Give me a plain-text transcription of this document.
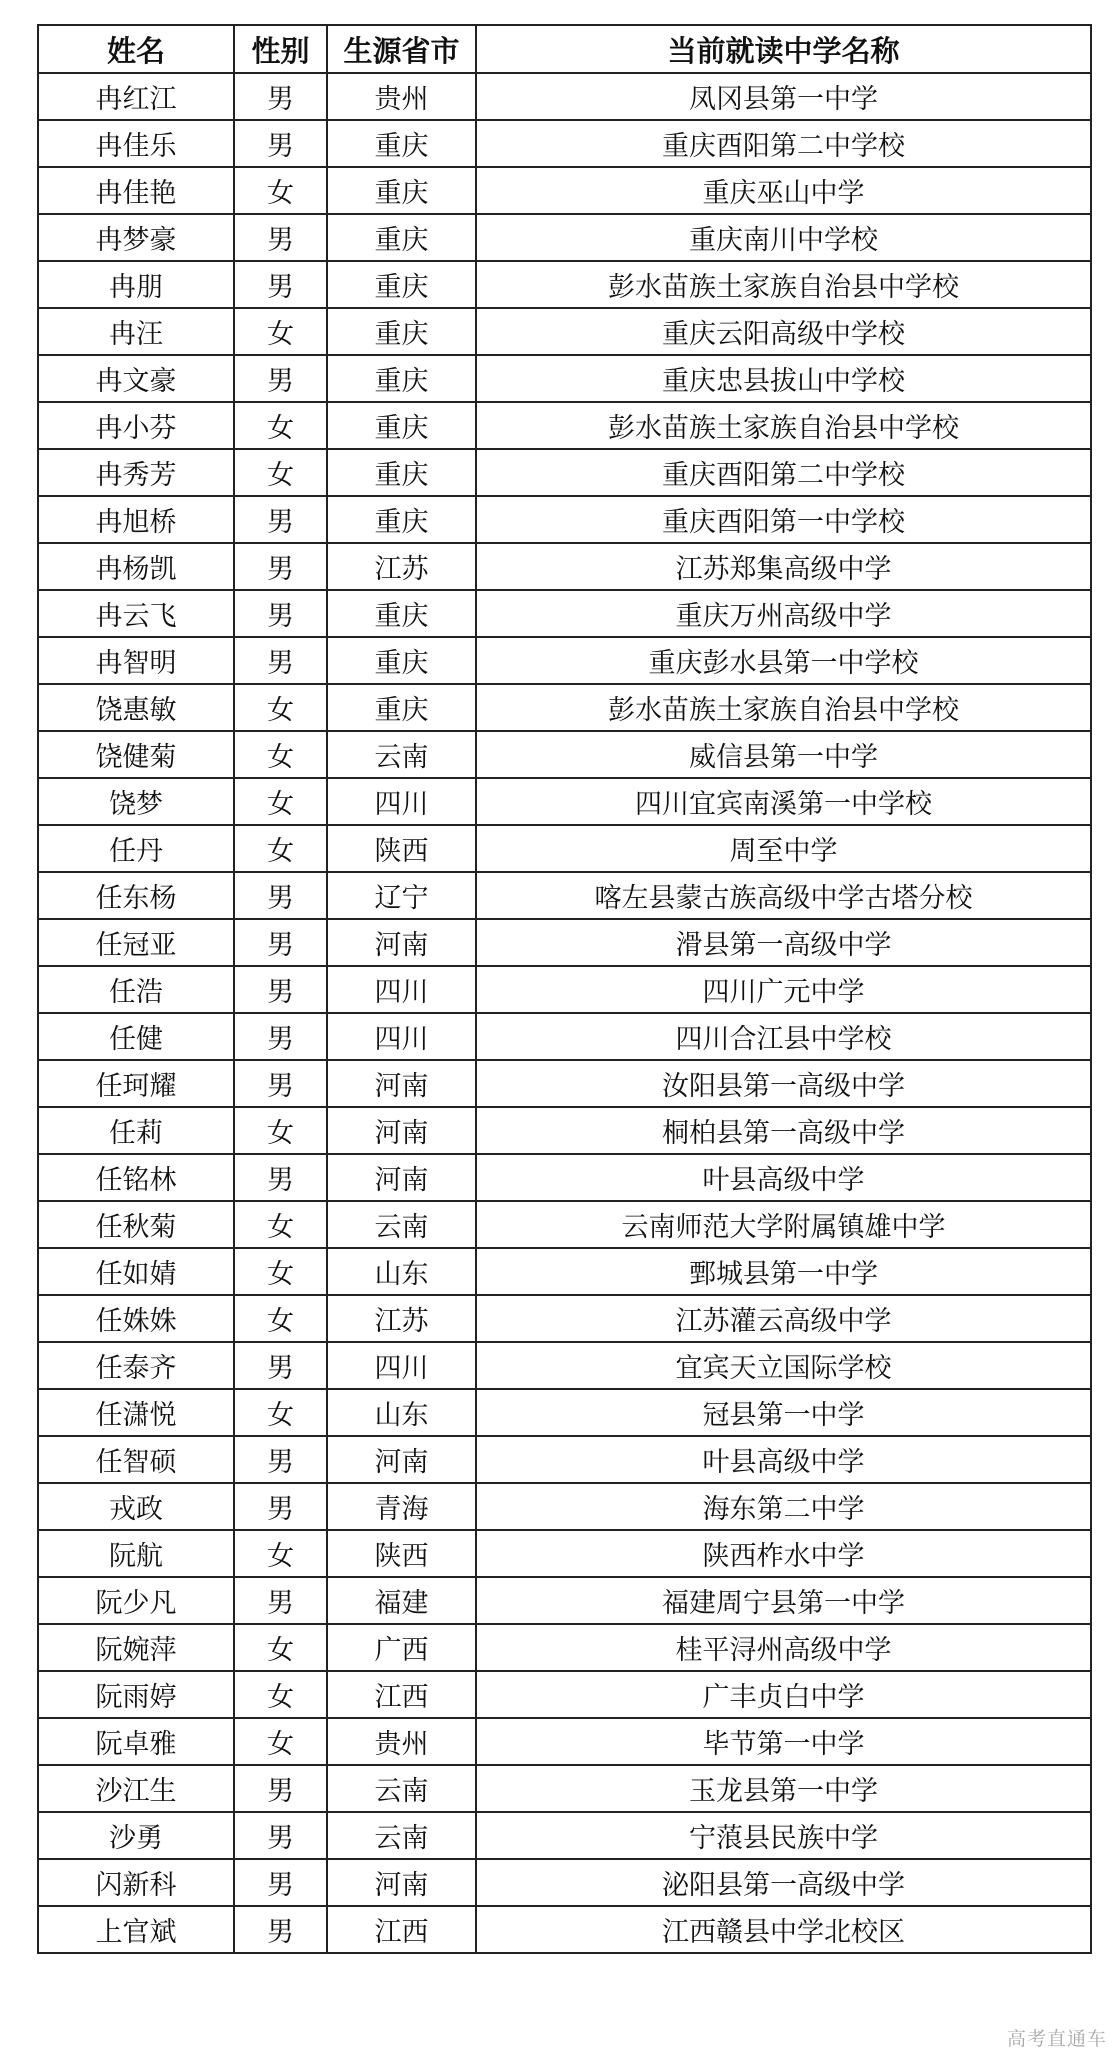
姓名	性别	生源省市	当前就读中学名称
冉红江	男	贵州	凤冈县第一中学
冉佳乐	男	重庆	重庆酉阳第二中学校
冉佳艳	女	重庆	重庆巫山中学
冉梦豪	男	重庆	重庆南川中学校
冉朋	男	重庆	彭水苗族土家族自治县中学校
冉汪	女	重庆	重庆云阳高级中学校
冉文豪	男	重庆	重庆忠县拔山中学校
冉小芬	女	重庆	彭水苗族土家族自治县中学校
冉秀芳	女	重庆	重庆酉阳第二中学校
冉旭桥	男	重庆	重庆酉阳第一中学校
冉杨凯	男	江苏	江苏郑集高级中学
冉云飞	男	重庆	重庆万州高级中学
冉智明	男	重庆	重庆彭水县第一中学校
饶惠敏	女	重庆	彭水苗族土家族自治县中学校
饶健菊	女	云南	威信县第一中学
饶梦	女	四川	四川宜宾南溪第一中学校
任丹	女	陕西	周至中学
任东杨	男	辽宁	喀左县蒙古族高级中学古塔分校
任冠亚	男	河南	滑县第一高级中学
任浩	男	四川	四川广元中学
任健	男	四川	四川合江县中学校
任珂耀	男	河南	汝阳县第一高级中学
任莉	女	河南	桐柏县第一高级中学
任铭林	男	河南	叶县高级中学
任秋菊	女	云南	云南师范大学附属镇雄中学
任如婧	女	山东	鄄城县第一中学
任姝姝	女	江苏	江苏灌云高级中学
任泰齐	男	四川	宜宾天立国际学校
任潇悦	女	山东	冠县第一中学
任智硕	男	河南	叶县高级中学
戎政	男	青海	海东第二中学
阮航	女	陕西	陕西柞水中学
阮少凡	男	福建	福建周宁县第一中学
阮婉萍	女	广西	桂平浔州高级中学
阮雨婷	女	江西	广丰贞白中学
阮卓雅	女	贵州	毕节第一中学
沙江生	男	云南	玉龙县第一中学
沙勇	男	云南	宁蒗县民族中学
闪新科	男	河南	泌阳县第一高级中学
上官斌	男	江西	江西赣县中学北校区
高考直通车
